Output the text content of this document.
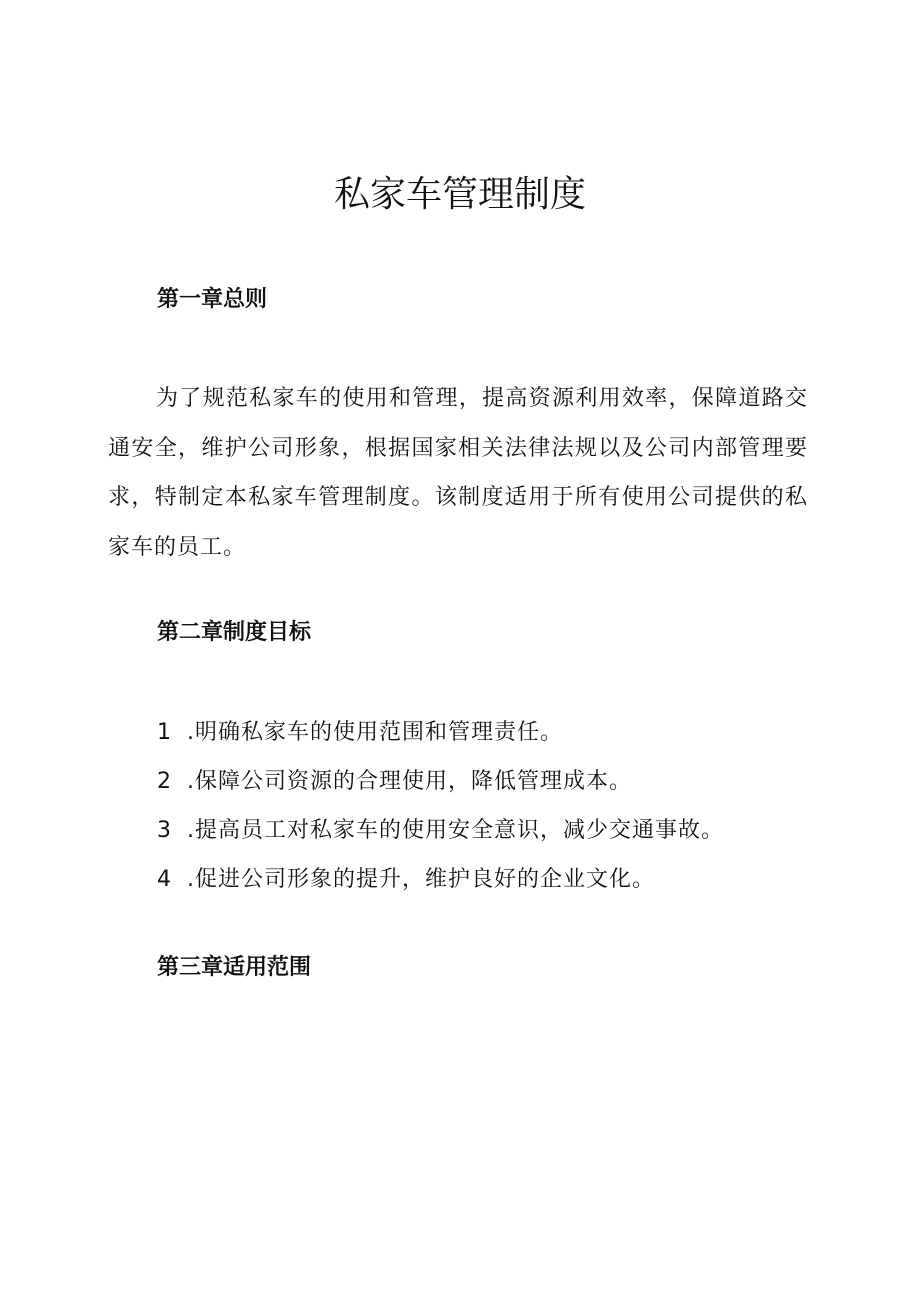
私家车管理制度
第一章总则

为了规范私家车的使用和管理，提高资源利用效率，保障道路交通安全，维护公司形象，根据国家相关法律法规以及公司内部管理要求，特制定本私家车管理制度。该制度适用于所有使用公司提供的私家车的员工。

第二章制度目标
1 .明确私家车的使用范围和管理责任。
2 .保障公司资源的合理使用，降低管理成本。
3 .提高员工对私家车的使用安全意识，减少交通事故。
4 .促进公司形象的提升，维护良好的企业文化。
第三章适用范围
